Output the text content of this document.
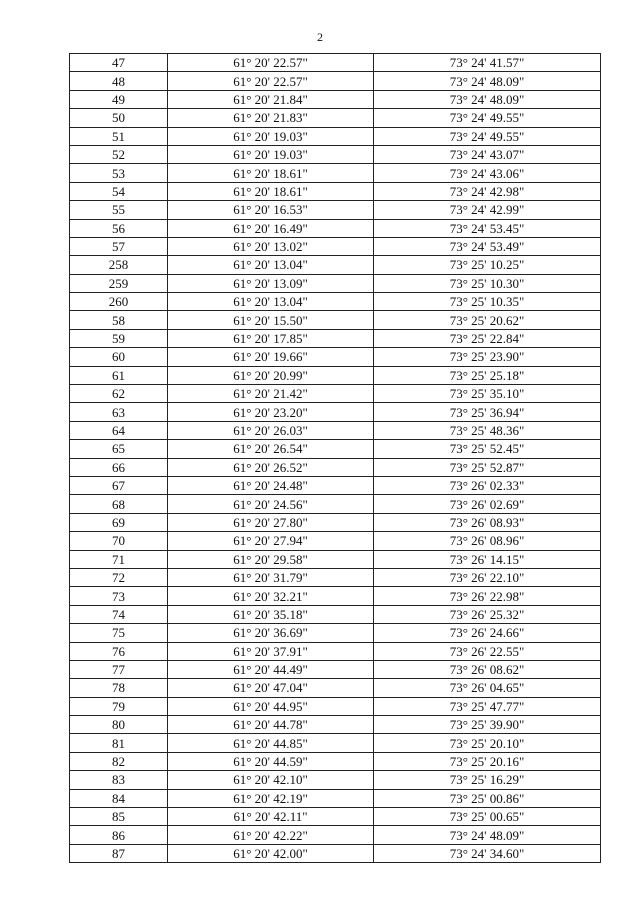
2
47	61° 20' 22.57"	73° 24' 41.57"
48	61° 20' 22.57"	73° 24' 48.09"
49	61° 20' 21.84"	73° 24' 48.09"
50	61° 20' 21.83"	73° 24' 49.55"
51	61° 20' 19.03"	73° 24' 49.55"
52	61° 20' 19.03"	73° 24' 43.07"
53	61° 20' 18.61"	73° 24' 43.06"
54	61° 20' 18.61"	73° 24' 42.98"
55	61° 20' 16.53"	73° 24' 42.99"
56	61° 20' 16.49"	73° 24' 53.45"
57	61° 20' 13.02"	73° 24' 53.49"
258	61° 20' 13.04"	73° 25' 10.25"
259	61° 20' 13.09"	73° 25' 10.30"
260	61° 20' 13.04"	73° 25' 10.35"
58	61° 20' 15.50"	73° 25' 20.62"
59	61° 20' 17.85"	73° 25' 22.84"
60	61° 20' 19.66"	73° 25' 23.90"
61	61° 20' 20.99"	73° 25' 25.18"
62	61° 20' 21.42"	73° 25' 35.10"
63	61° 20' 23.20"	73° 25' 36.94"
64	61° 20' 26.03"	73° 25' 48.36"
65	61° 20' 26.54"	73° 25' 52.45"
66	61° 20' 26.52"	73° 25' 52.87"
67	61° 20' 24.48"	73° 26' 02.33"
68	61° 20' 24.56"	73° 26' 02.69"
69	61° 20' 27.80"	73° 26' 08.93"
70	61° 20' 27.94"	73° 26' 08.96"
71	61° 20' 29.58"	73° 26' 14.15"
72	61° 20' 31.79"	73° 26' 22.10"
73	61° 20' 32.21"	73° 26' 22.98"
74	61° 20' 35.18"	73° 26' 25.32"
75	61° 20' 36.69"	73° 26' 24.66"
76	61° 20' 37.91"	73° 26' 22.55"
77	61° 20' 44.49"	73° 26' 08.62"
78	61° 20' 47.04"	73° 26' 04.65"
79	61° 20' 44.95"	73° 25' 47.77"
80	61° 20' 44.78"	73° 25' 39.90"
81	61° 20' 44.85"	73° 25' 20.10"
82	61° 20' 44.59"	73° 25' 20.16"
83	61° 20' 42.10"	73° 25' 16.29"
84	61° 20' 42.19"	73° 25' 00.86"
85	61° 20' 42.11"	73° 25' 00.65"
86	61° 20' 42.22"	73° 24' 48.09"
87	61° 20' 42.00"	73° 24' 34.60"
